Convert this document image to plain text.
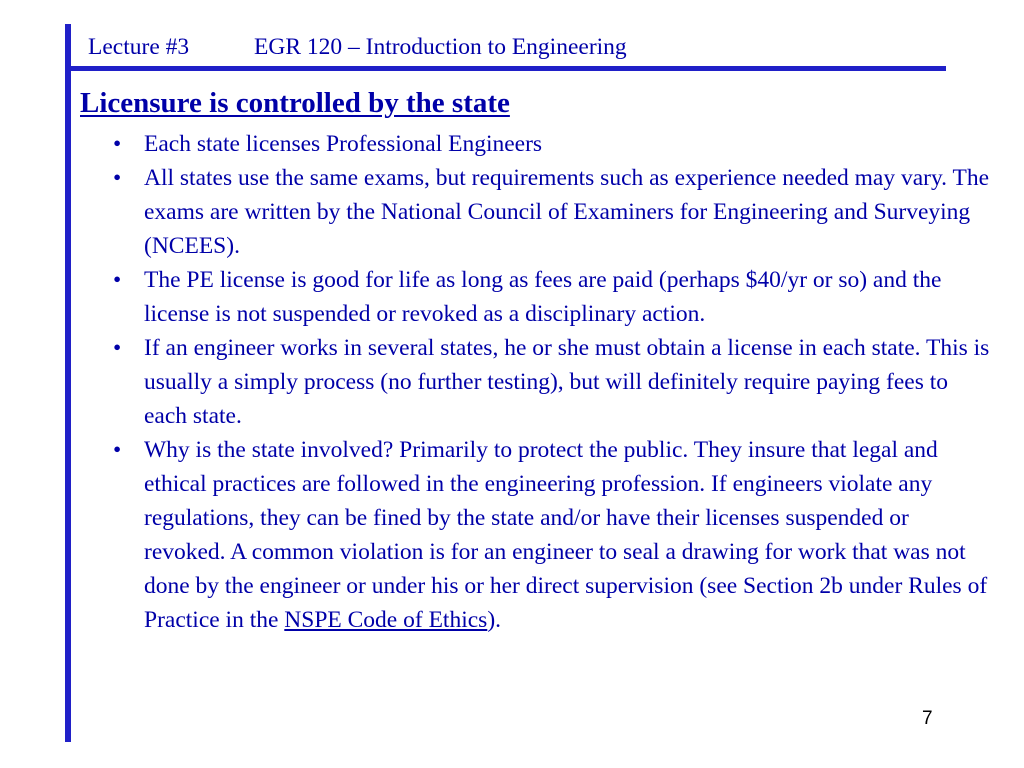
Lecture #3	EGR 120 – Introduction to Engineering
Licensure is controlled by the state
• Each state licenses Professional Engineers
• All states use the same exams, but requirements such as experience needed may vary. The exams are written by the National Council of Examiners for Engineering and Surveying (NCEES).
• The PE license is good for life as long as fees are paid (perhaps $40/yr or so) and the license is not suspended or revoked as a disciplinary action.
• If an engineer works in several states, he or she must obtain a license in each state. This is usually a simply process (no further testing), but will definitely require paying fees to each state.
• Why is the state involved? Primarily to protect the public. They insure that legal and ethical practices are followed in the engineering profession. If engineers violate any regulations, they can be fined by the state and/or have their licenses suspended or revoked. A common violation is for an engineer to seal a drawing for work that was not done by the engineer or under his or her direct supervision (see Section 2b under Rules of Practice in the NSPE Code of Ethics).
7
